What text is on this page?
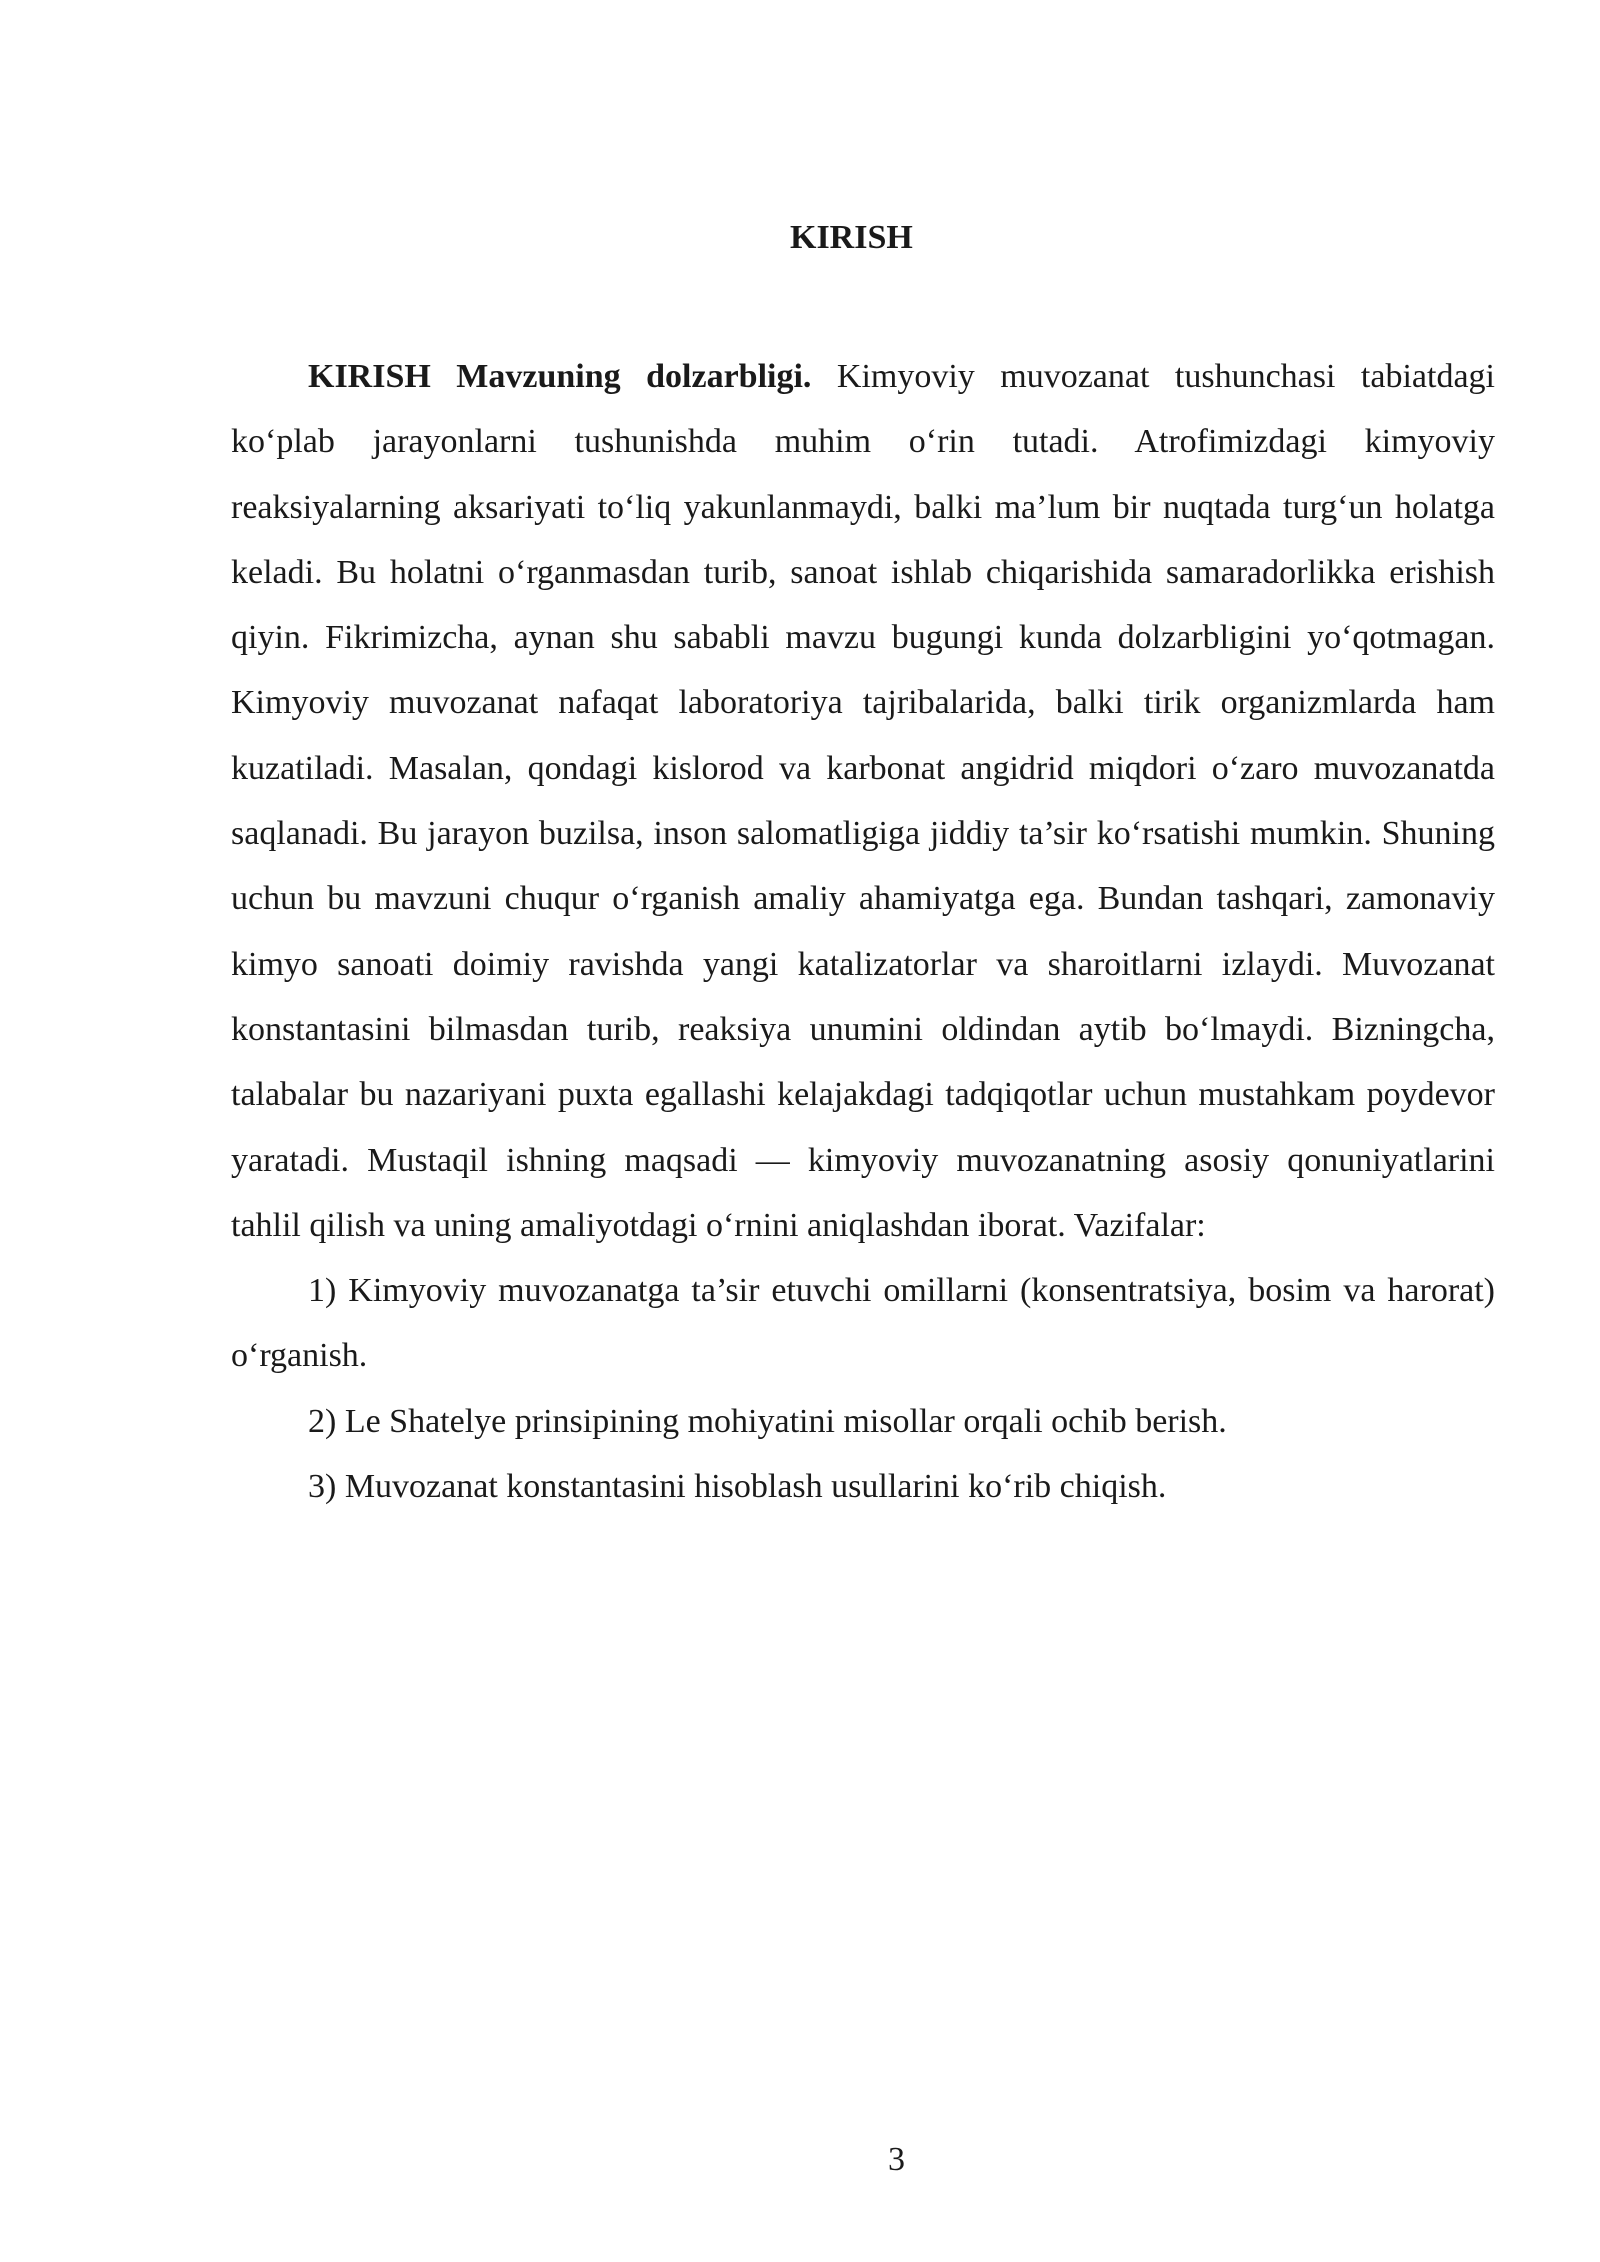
KIRISH

KIRISH Mavzuning dolzarbligi. Kimyoviy muvozanat tushunchasi tabiatdagi ko‘plab jarayonlarni tushunishda muhim o‘rin tutadi. Atrofimizdagi kimyoviy reaksiyalarning aksariyati to‘liq yakunlanmaydi, balki ma’lum bir nuqtada turg‘un holatga keladi. Bu holatni o‘rganmasdan turib, sanoat ishlab chiqarishida samaradorlikka erishish qiyin. Fikrimizcha, aynan shu sababli mavzu bugungi kunda dolzarbligini yo‘qotmagan. Kimyoviy muvozanat nafaqat laboratoriya tajribalarida, balki tirik organizmlarda ham kuzatiladi. Masalan, qondagi kislorod va karbonat angidrid miqdori o‘zaro muvozanatda saqlanadi. Bu jarayon buzilsa, inson salomatligiga jiddiy ta’sir ko‘rsatishi mumkin. Shuning uchun bu mavzuni chuqur o‘rganish amaliy ahamiyatga ega. Bundan tashqari, zamonaviy kimyo sanoati doimiy ravishda yangi katalizatorlar va sharoitlarni izlaydi. Muvozanat konstantasini bilmasdan turib, reaksiya unumini oldindan aytib bo‘lmaydi. Bizningcha, talabalar bu nazariyani puxta egallashi kelajakdagi tadqiqotlar uchun mustahkam poydevor yaratadi. Mustaqil ishning maqsadi — kimyoviy muvozanatning asosiy qonuniyatlarini tahlil qilish va uning amaliyotdagi o‘rnini aniqlashdan iborat. Vazifalar:

1) Kimyoviy muvozanatga ta’sir etuvchi omillarni (konsentratsiya, bosim va harorat) o‘rganish.

2) Le Shatelye prinsipining mohiyatini misollar orqali ochib berish.

3) Muvozanat konstantasini hisoblash usullarini ko‘rib chiqish.

3
